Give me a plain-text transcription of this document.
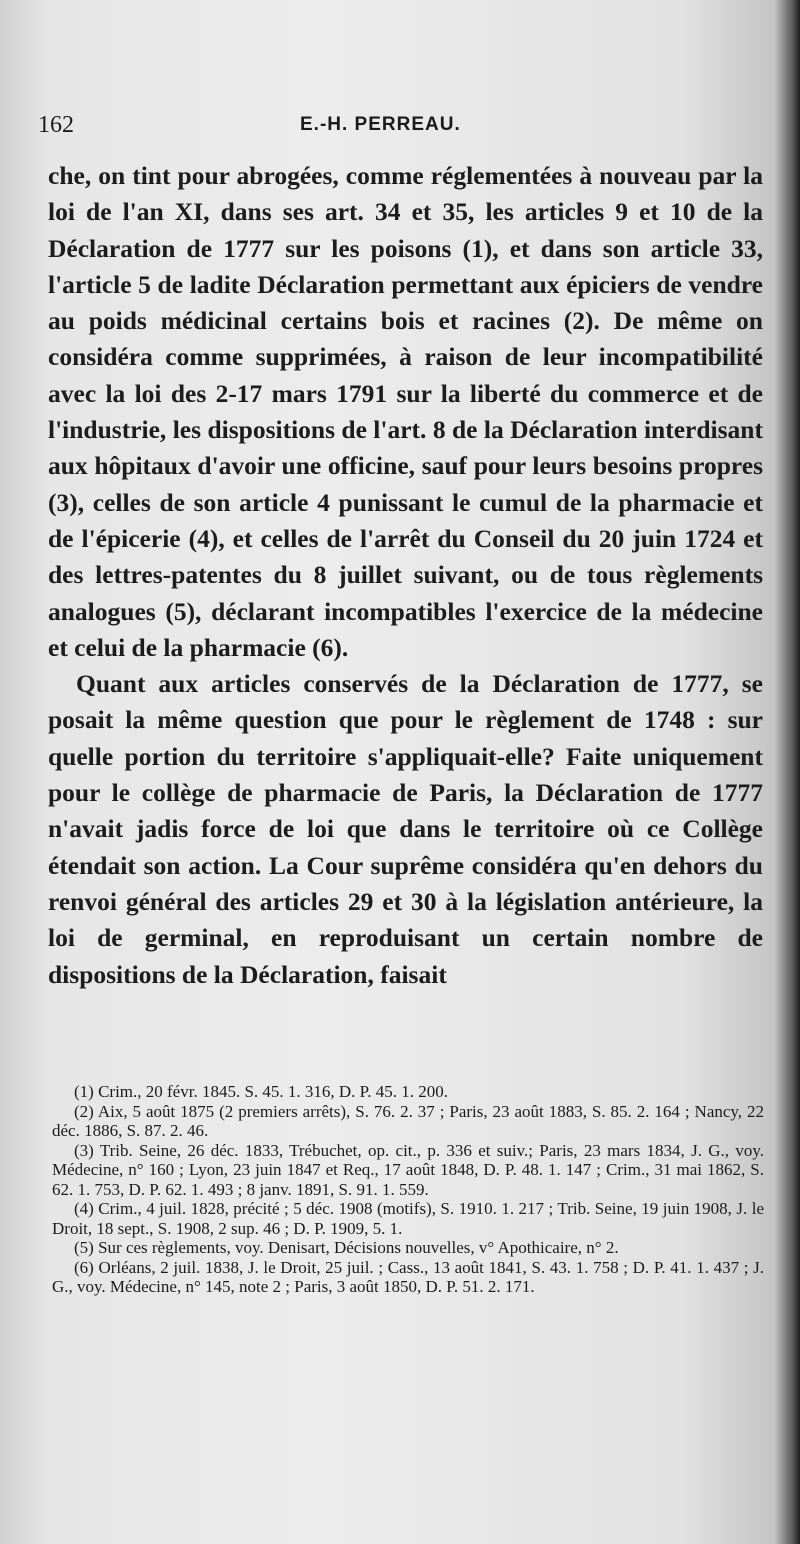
162	E.-H. PERREAU.

che, on tint pour abrogées, comme réglementées à nouveau par la loi de l'an XI, dans ses art. 34 et 35, les articles 9 et 10 de la Déclaration de 1777 sur les poisons (1), et dans son article 33, l'article 5 de ladite Déclaration permettant aux épiciers de vendre au poids médicinal certains bois et racines (2). De même on considéra comme supprimées, à raison de leur incompatibilité avec la loi des 2-17 mars 1791 sur la liberté du commerce et de l'industrie, les dispositions de l'art. 8 de la Déclaration interdisant aux hôpitaux d'avoir une officine, sauf pour leurs besoins propres (3), celles de son article 4 punissant le cumul de la pharmacie et de l'épicerie (4), et celles de l'arrêt du Conseil du 20 juin 1724 et des lettres-patentes du 8 juillet suivant, ou de tous règlements analogues (5), déclarant incompatibles l'exercice de la médecine et celui de la pharmacie (6).

Quant aux articles conservés de la Déclaration de 1777, se posait la même question que pour le règlement de 1748 : sur quelle portion du territoire s'appliquait-elle? Faite uniquement pour le collège de pharmacie de Paris, la Déclaration de 1777 n'avait jadis force de loi que dans le territoire où ce Collège étendait son action. La Cour suprême considéra qu'en dehors du renvoi général des articles 29 et 30 à la législation antérieure, la loi de germinal, en reproduisant un certain nombre de dispositions de la Déclaration, faisait

(1) Crim., 20 févr. 1845. S. 45. 1. 316, D. P. 45. 1. 200.

(2) Aix, 5 août 1875 (2 premiers arrêts), S. 76. 2. 37 ; Paris, 23 août 1883, S. 85. 2. 164 ; Nancy, 22 déc. 1886, S. 87. 2. 46.

(3) Trib. Seine, 26 déc. 1833, Trébuchet, op. cit., p. 336 et suiv.; Paris, 23 mars 1834, J. G., voy. Médecine, n° 160 ; Lyon, 23 juin 1847 et Req., 17 août 1848, D. P. 48. 1. 147 ; Crim., 31 mai 1862, S. 62. 1. 753, D. P. 62. 1. 493 ; 8 janv. 1891, S. 91. 1. 559.

(4) Crim., 4 juil. 1828, précité ; 5 déc. 1908 (motifs), S. 1910. 1. 217 ; Trib. Seine, 19 juin 1908, J. le Droit, 18 sept., S. 1908, 2 sup. 46 ; D. P. 1909, 5. 1.

(5) Sur ces règlements, voy. Denisart, Décisions nouvelles, v° Apothicaire, n° 2.

(6) Orléans, 2 juil. 1838, J. le Droit, 25 juil. ; Cass., 13 août 1841, S. 43. 1. 758 ; D. P. 41. 1. 437 ; J. G., voy. Médecine, n° 145, note 2 ; Paris, 3 août 1850, D. P. 51. 2. 171.
